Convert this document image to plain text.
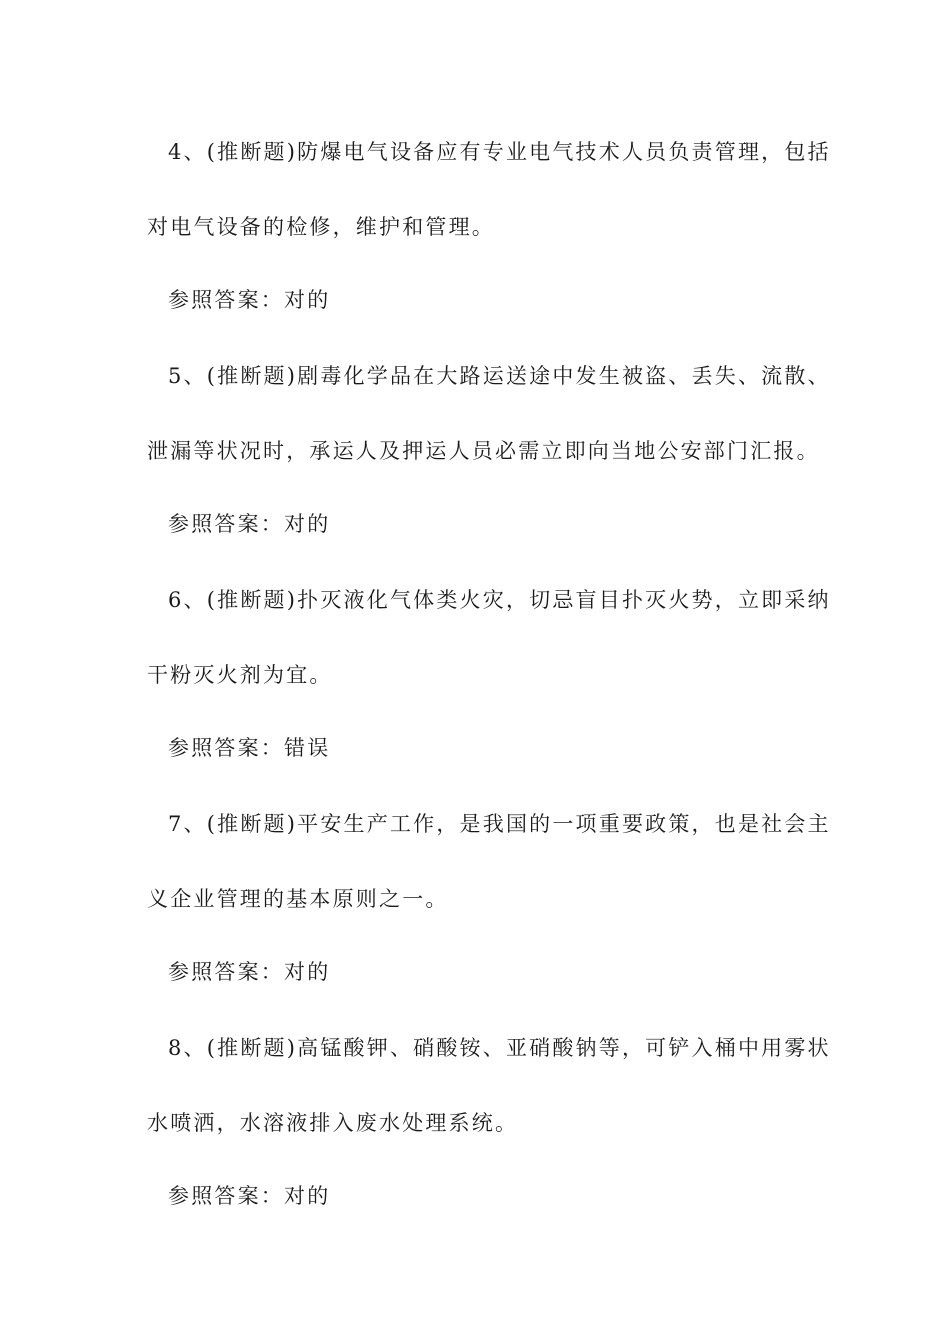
4、(推断题)防爆电气设备应有专业电气技术人员负责管理，包括
对电气设备的检修，维护和管理。
参照答案：对的
5、(推断题)剧毒化学品在大路运送途中发生被盗、丢失、流散、
泄漏等状况时，承运人及押运人员必需立即向当地公安部门汇报。
参照答案：对的
6、(推断题)扑灭液化气体类火灾，切忌盲目扑灭火势，立即采纳
干粉灭火剂为宜。
参照答案：错误
7、(推断题)平安生产工作，是我国的一项重要政策，也是社会主
义企业管理的基本原则之一。
参照答案：对的
8、(推断题)高锰酸钾、硝酸铵、亚硝酸钠等，可铲入桶中用雾状
水喷洒，水溶液排入废水处理系统。
参照答案：对的
